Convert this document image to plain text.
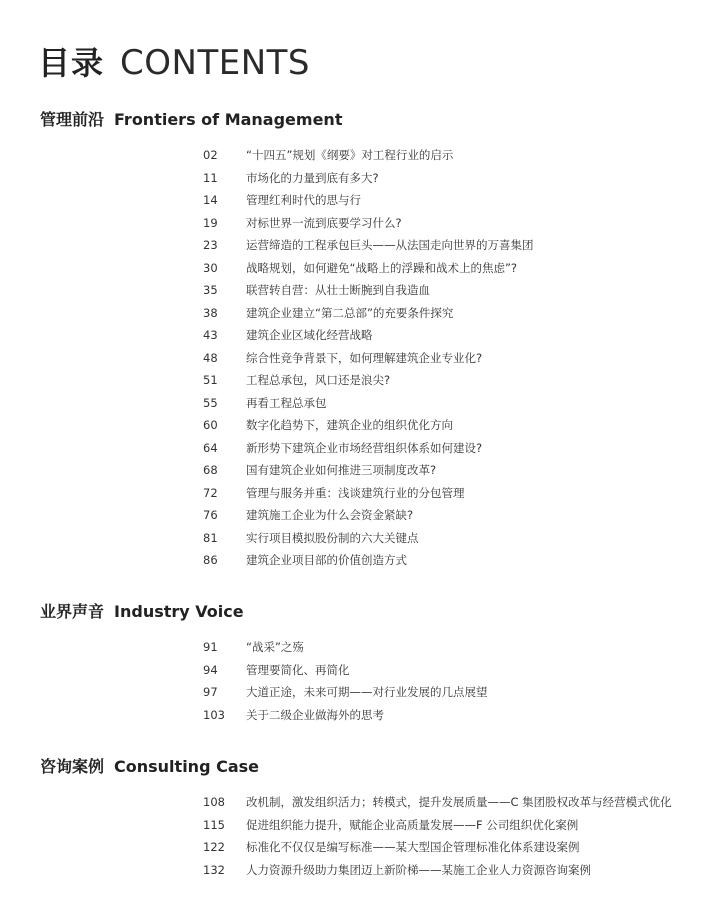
目录 CONTENTS
管理前沿 Frontiers of Management
02	“十四五”规划《纲要》对工程行业的启示
11	市场化的力量到底有多大?
14	管理红利时代的思与行
19	对标世界一流到底要学习什么?
23	运营缔造的工程承包巨头——从法国走向世界的万喜集团
30	战略规划，如何避免“战略上的浮躁和战术上的焦虑”?
35	联营转自营：从壮士断腕到自我造血
38	建筑企业建立“第二总部”的充要条件探究
43	建筑企业区域化经营战略
48	综合性竞争背景下，如何理解建筑企业专业化?
51	工程总承包，风口还是浪尖?
55	再看工程总承包
60	数字化趋势下，建筑企业的组织优化方向
64	新形势下建筑企业市场经营组织体系如何建设?
68	国有建筑企业如何推进三项制度改革?
72	管理与服务并重：浅谈建筑行业的分包管理
76	建筑施工企业为什么会资金紧缺?
81	实行项目模拟股份制的六大关键点
86	建筑企业项目部的价值创造方式
业界声音 Industry Voice
91	“战采”之殇
94	管理要简化、再简化
97	大道正途，未来可期——对行业发展的几点展望
103	关于二级企业做海外的思考
咨询案例 Consulting Case
108	改机制，激发组织活力；转模式，提升发展质量——C 集团股权改革与经营模式优化
115	促进组织能力提升，赋能企业高质量发展——F 公司组织优化案例
122	标准化不仅仅是编写标准——某大型国企管理标准化体系建设案例
132	人力资源升级助力集团迈上新阶梯——某施工企业人力资源咨询案例
